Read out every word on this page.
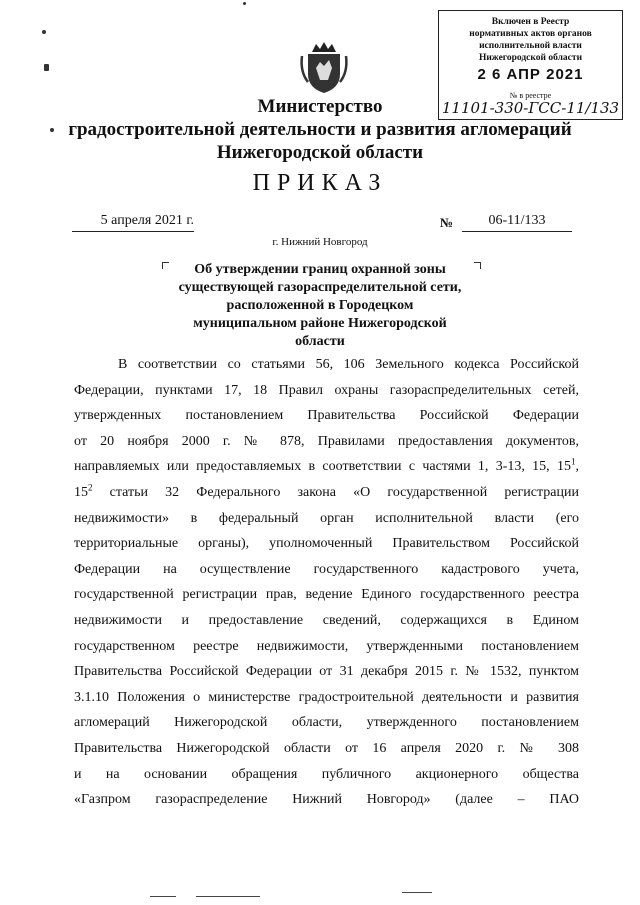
Включен в Реестр
нормативных актов органов
исполнительной власти
Нижегородской области
2 6 АПР 2021
№ в реестре
11101-330-ГСС-11/133
Министерство
градостроительной деятельности и развития агломераций
Нижегородской области
ПРИКАЗ
5 апреля 2021 г.	№	06-11/133
г. Нижний Новгород
Об утверждении границ охранной зоны
существующей газораспределительной сети,
расположенной в Городецком
муниципальном районе Нижегородской
области

В соответствии со статьями 56, 106 Земельного кодекса Российской

Федерации, пунктами 17, 18 Правил охраны газораспределительных сетей,

утвержденных постановлением Правительства Российской Федерации

от 20 ноября 2000 г. № 878, Правилами предоставления документов,

направляемых или предоставляемых в соответствии с частями 1, 3-13, 15, $15^1$,

$15^2$ статьи 32 Федерального закона «О государственной регистрации

недвижимости» в федеральный орган исполнительной власти (его

территориальные органы), уполномоченный Правительством Российской

Федерации на осуществление государственного кадастрового учета,

государственной регистрации прав, ведение Единого государственного реестра

недвижимости и предоставление сведений, содержащихся в Едином

государственном реестре недвижимости, утвержденными постановлением

Правительства Российской Федерации от 31 декабря 2015 г. № 1532, пунктом

3.1.10 Положения о министерстве градостроительной деятельности и развития

агломераций Нижегородской области, утвержденного постановлением

Правительства Нижегородской области от 16 апреля 2020 г. № 308

и на основании обращения публичного акционерного общества

«Газпром газораспределение Нижний Новгород» (далее – ПАО
